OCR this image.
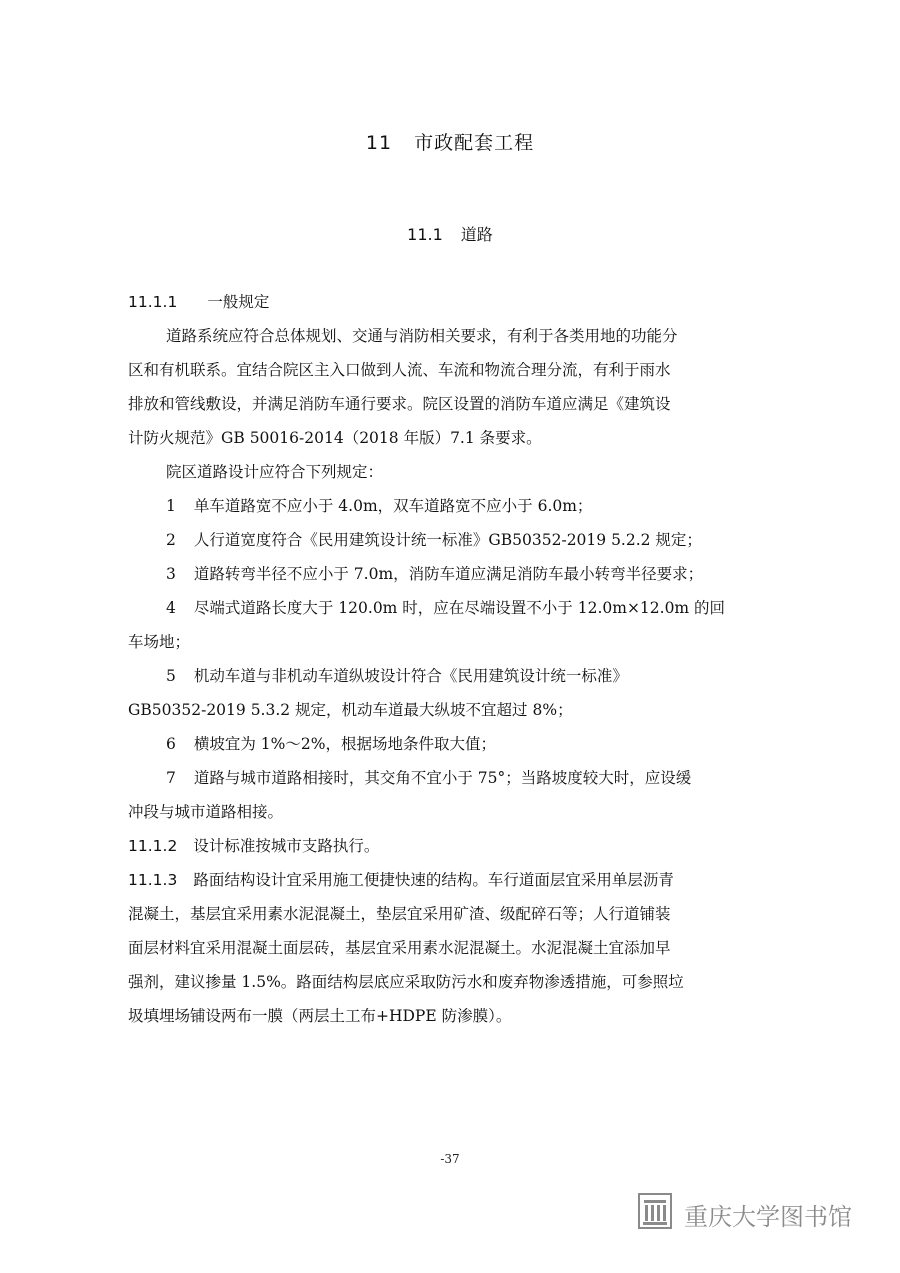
11 市政配套工程
11.1 道路
11.1.1 一般规定
道路系统应符合总体规划、交通与消防相关要求，有利于各类用地的功能分
区和有机联系。宜结合院区主入口做到人流、车流和物流合理分流，有利于雨水
排放和管线敷设，并满足消防车通行要求。院区设置的消防车道应满足《建筑设
计防火规范》GB 50016-2014（2018 年版）7.1 条要求。
院区道路设计应符合下列规定：
1 单车道路宽不应小于 4.0m，双车道路宽不应小于 6.0m；
2 人行道宽度符合《民用建筑设计统一标准》GB50352-2019 5.2.2 规定；
3 道路转弯半径不应小于 7.0m，消防车道应满足消防车最小转弯半径要求；
4 尽端式道路长度大于 120.0m 时，应在尽端设置不小于 12.0m×12.0m 的回
车场地；
5 机动车道与非机动车道纵坡设计符合《民用建筑设计统一标准》
GB50352-2019 5.3.2 规定，机动车道最大纵坡不宜超过 8%；
6 横坡宜为 1%～2%，根据场地条件取大值；
7 道路与城市道路相接时，其交角不宜小于 75°；当路坡度较大时，应设缓
冲段与城市道路相接。
11.1.2 设计标准按城市支路执行。
11.1.3 路面结构设计宜采用施工便捷快速的结构。车行道面层宜采用单层沥青
混凝土，基层宜采用素水泥混凝土，垫层宜采用矿渣、级配碎石等；人行道铺装
面层材料宜采用混凝土面层砖，基层宜采用素水泥混凝土。水泥混凝土宜添加早
强剂，建议掺量 1.5%。路面结构层底应采取防污水和废弃物渗透措施，可参照垃
圾填埋场铺设两布一膜（两层土工布+HDPE 防渗膜）。
-37
重庆大学图书馆
